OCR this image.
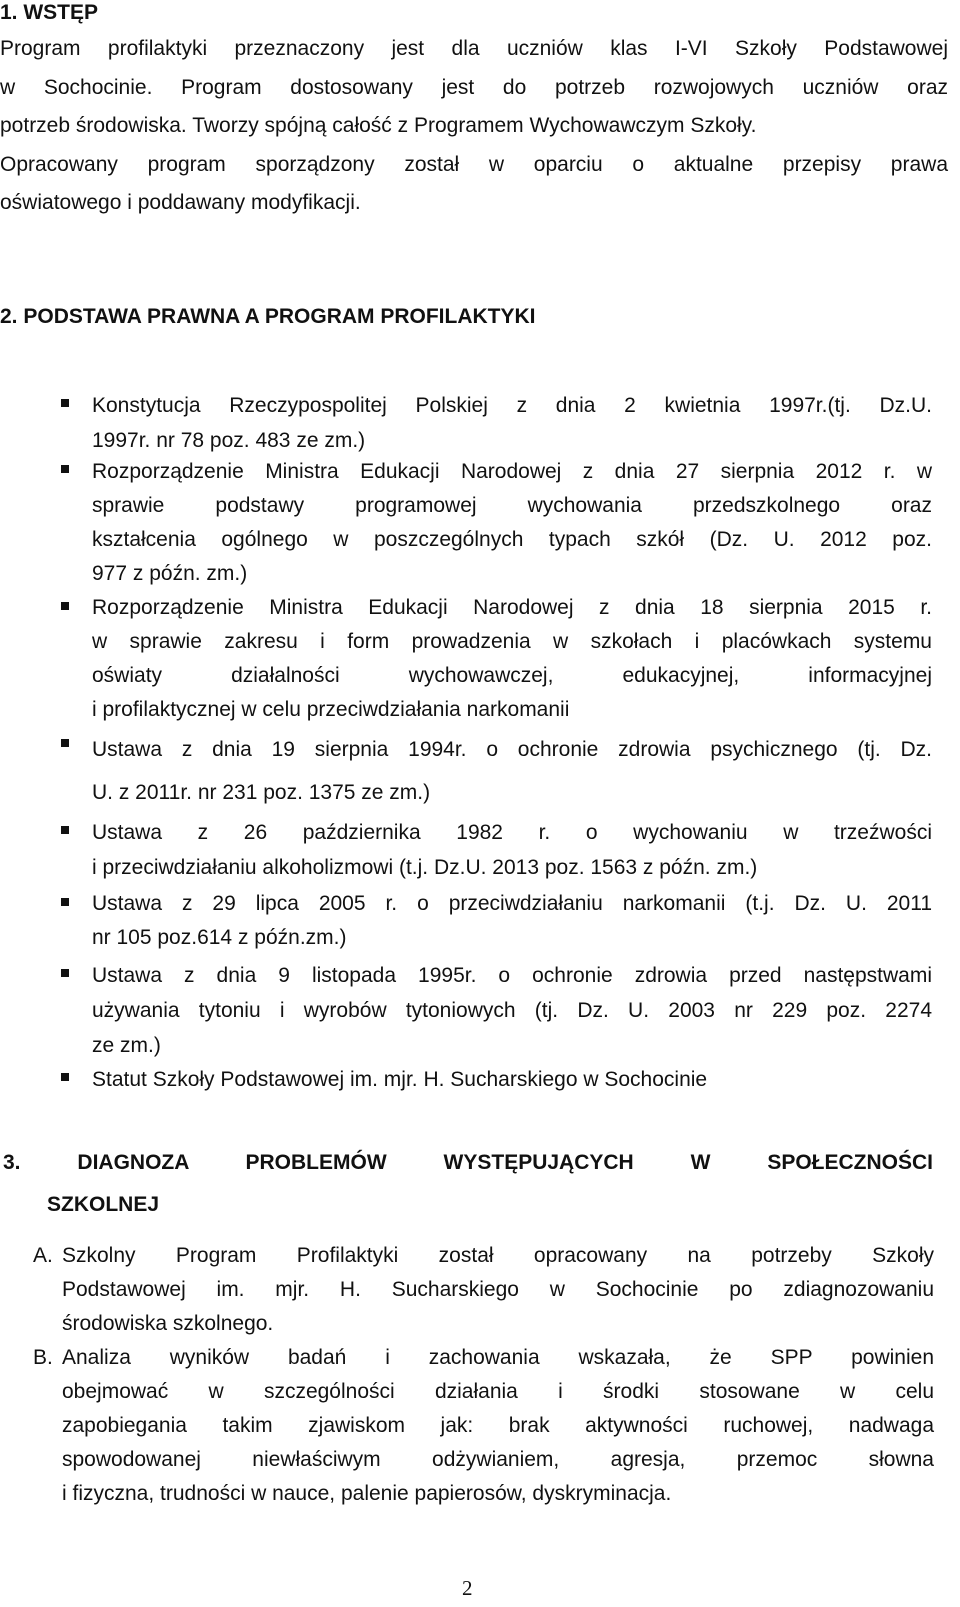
1. WSTĘP

Program profilaktyki przeznaczony jest dla uczniów klas I-VI Szkoły Podstawowej
w Sochocinie. Program dostosowany jest do potrzeb rozwojowych uczniów oraz
potrzeb środowiska. Tworzy spójną całość z Programem Wychowawczym Szkoły.
Opracowany program sporządzony został w oparciu o aktualne przepisy prawa
oświatowego i poddawany modyfikacji.

2. PODSTAWA PRAWNA A PROGRAM PROFILAKTYKI

Konstytucja Rzeczypospolitej Polskiej z dnia 2 kwietnia 1997r.(tj. Dz.U.
1997r. nr 78 poz. 483 ze zm.)

Rozporządzenie Ministra Edukacji Narodowej z dnia 27 sierpnia 2012 r. w
sprawie podstawy programowej wychowania przedszkolnego oraz
kształcenia ogólnego w poszczególnych typach szkół (Dz. U. 2012 poz.
977 z późn. zm.)

Rozporządzenie Ministra Edukacji Narodowej z dnia 18 sierpnia 2015 r.
w sprawie zakresu i form prowadzenia w szkołach i placówkach systemu
oświaty działalności wychowawczej, edukacyjnej, informacyjnej
i profilaktycznej w celu przeciwdziałania narkomanii

Ustawa z dnia 19 sierpnia 1994r. o ochronie zdrowia psychicznego (tj. Dz.
U. z 2011r. nr 231 poz. 1375 ze zm.)

Ustawa z 26 października 1982 r. o wychowaniu w trzeźwości
i przeciwdziałaniu alkoholizmowi (t.j. Dz.U. 2013 poz. 1563 z późn. zm.)

Ustawa z 29 lipca 2005 r. o przeciwdziałaniu narkomanii (t.j. Dz. U. 2011
nr 105 poz.614 z późn.zm.)

Ustawa z dnia 9 listopada 1995r. o ochronie zdrowia przed następstwami
używania tytoniu i wyrobów tytoniowych (tj. Dz. U. 2003 nr 229 poz. 2274
ze zm.)

Statut Szkoły Podstawowej im. mjr. H. Sucharskiego w Sochocinie

3. DIAGNOZA PROBLEMÓW WYSTĘPUJĄCYCH W SPOŁECZNOŚCI
SZKOLNEJ

A. Szkolny Program Profilaktyki został opracowany na potrzeby Szkoły
Podstawowej im. mjr. H. Sucharskiego w Sochocinie po zdiagnozowaniu
środowiska szkolnego.

B. Analiza wyników badań i zachowania wskazała, że SPP powinien
obejmować w szczególności działania i środki stosowane w celu
zapobiegania takim zjawiskom jak: brak aktywności ruchowej, nadwaga
spowodowanej niewłaściwym odżywianiem, agresja, przemoc słowna
i fizyczna, trudności w nauce, palenie papierosów, dyskryminacja.

2
